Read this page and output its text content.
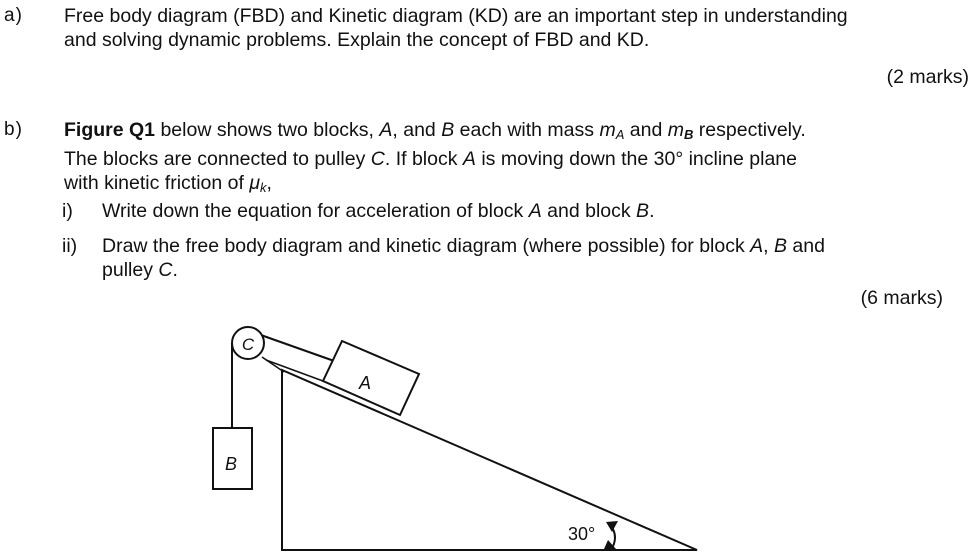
a) Free body diagram (FBD) and Kinetic diagram (KD) are an important step in understanding
and solving dynamic problems. Explain the concept of FBD and KD.
(2 marks)
b) Figure Q1 below shows two blocks, A, and B each with mass $m_A$ and $m_B$ respectively.
The blocks are connected to pulley C. If block A is moving down the 30° incline plane
with kinetic friction of $\mu_k$,
i) Write down the equation for acceleration of block A and block B.
ii) Draw the free body diagram and kinetic diagram (where possible) for block A, B and
pulley C.
(6 marks)
C
B
A
30°
